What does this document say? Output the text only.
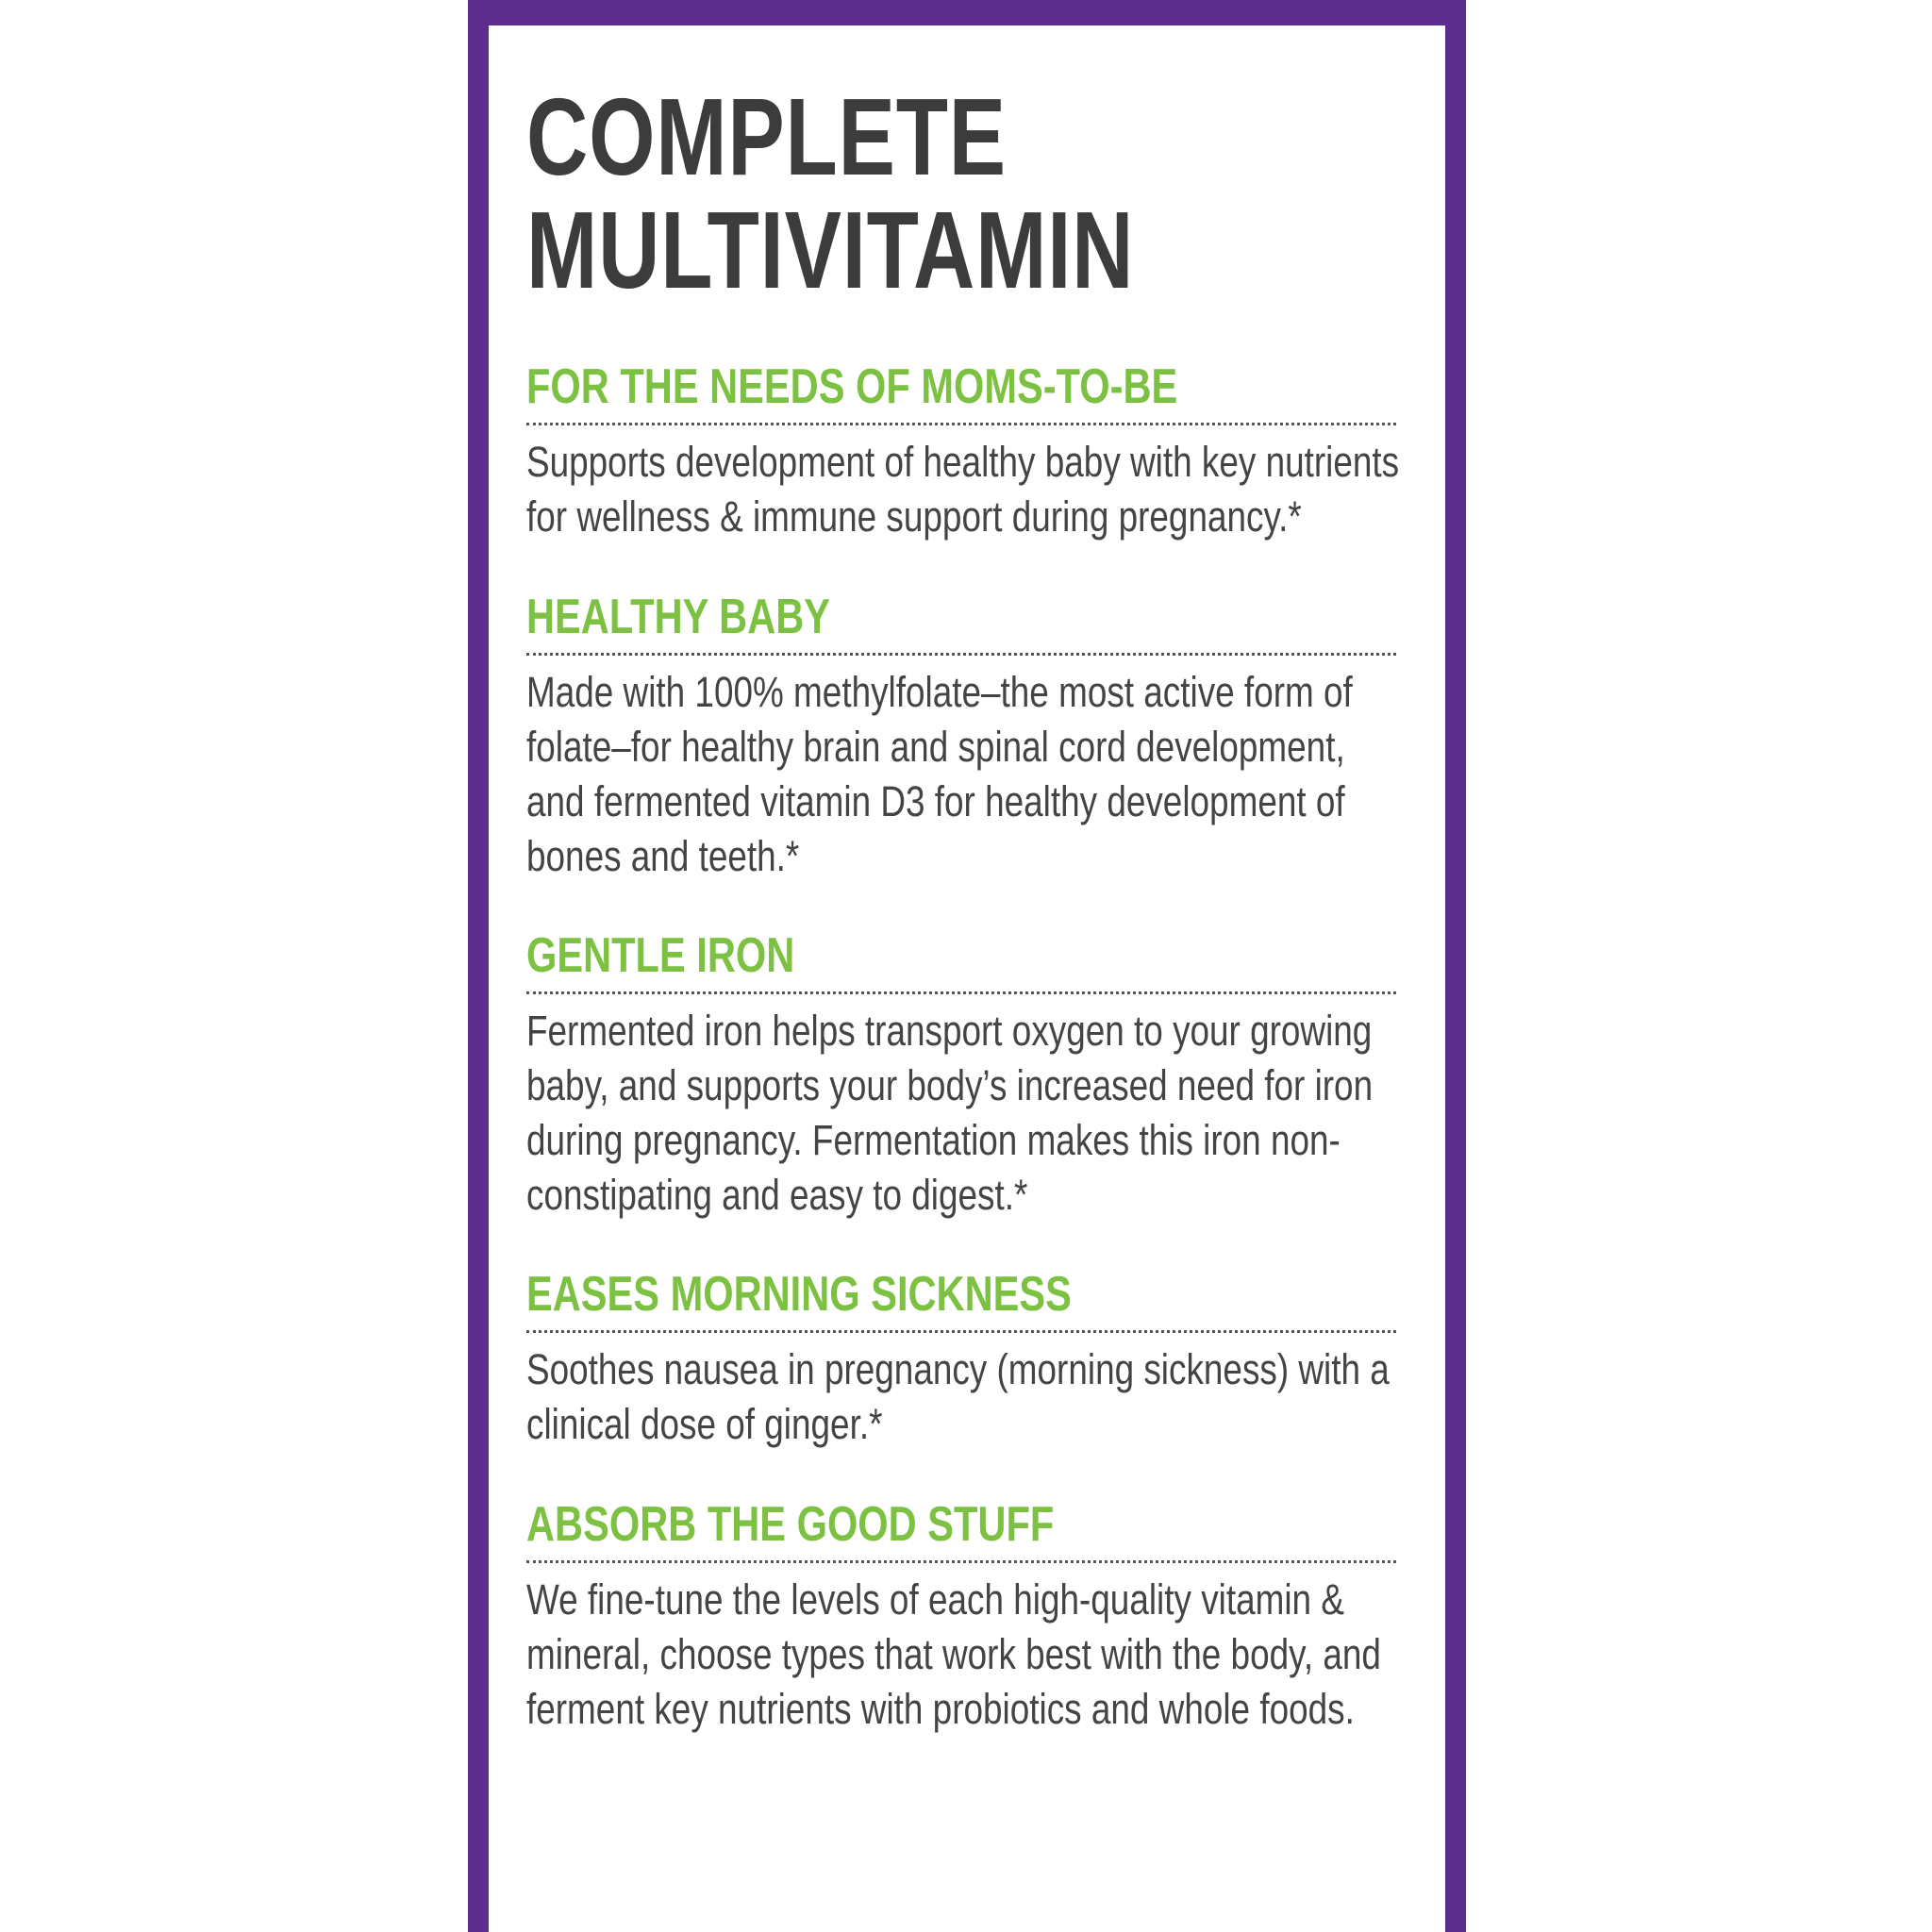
COMPLETE
MULTIVITAMIN
FOR THE NEEDS OF MOMS-TO-BE

Supports development of healthy baby with key nutrients
for wellness & immune support during pregnancy.*

HEALTHY BABY

Made with 100% methylfolate–the most active form of
folate–for healthy brain and spinal cord development,
and fermented vitamin D3 for healthy development of
bones and teeth.*

GENTLE IRON

Fermented iron helps transport oxygen to your growing
baby, and supports your body’s increased need for iron
during pregnancy. Fermentation makes this iron non-
constipating and easy to digest.*

EASES MORNING SICKNESS

Soothes nausea in pregnancy (morning sickness) with a
clinical dose of ginger.*

ABSORB THE GOOD STUFF

We fine-tune the levels of each high-quality vitamin &
mineral, choose types that work best with the body, and
ferment key nutrients with probiotics and whole foods.
